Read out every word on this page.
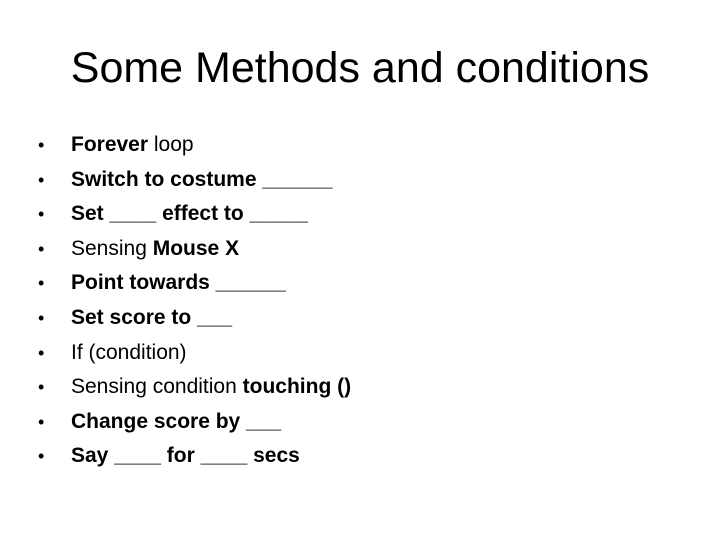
Some Methods and conditions
• Forever loop
• Switch to costume ______
• Set ____ effect to _____
• Sensing Mouse X
• Point towards ______
• Set score to ___
• If (condition)
• Sensing condition touching ()
• Change score by ___
• Say ____ for ____ secs
